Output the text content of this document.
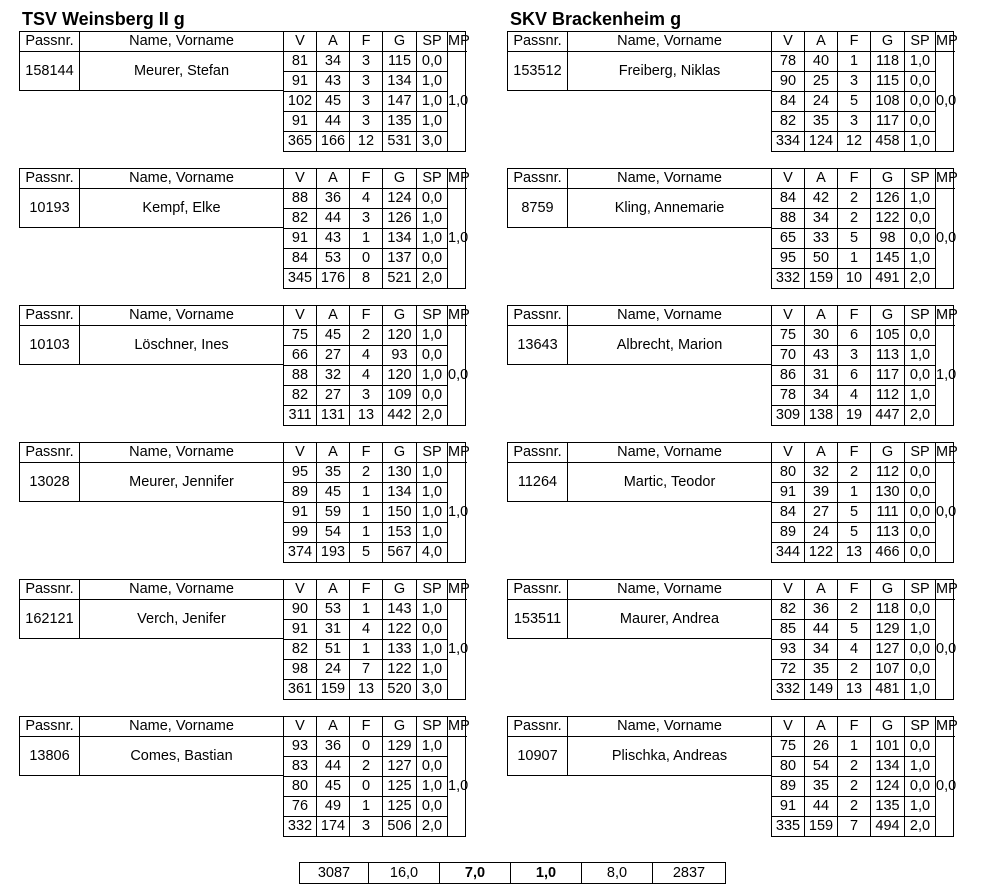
TSV Weinsberg II g	SKV Brackenheim g
Passnr.	Name, Vorname
158144	Meurer, Stefan
V	A	F	G	SP MP
81	34	3	115 0,0
91	43	3	134 1,0
102 45	3	147 1,0
91	44	3	135 1,0
365 166 12 531 3,0
1,0
Passnr.	Name, Vorname
10193	Kempf, Elke
V	A	F	G	SP MP
88	36	4	124 0,0
82	44	3	126 1,0
91	43	1	134 1,0
84	53	0	137 0,0
345 176	8	521 2,0
1,0
Passnr.	Name, Vorname
10103	Löschner, Ines
V	A	F	G	SP MP
75	45	2	120 1,0
66	27	4	93 0,0
88	32	4	120 1,0
82	27	3	109 0,0
311 131 13 442 2,0
0,0
Passnr.	Name, Vorname
13028	Meurer, Jennifer
V	A	F	G	SP MP
95	35	2	130 1,0
89	45	1	134 1,0
91	59	1	150 1,0
99	54	1	153 1,0
374 193	5	567 4,0
1,0
Passnr.	Name, Vorname
162121	Verch, Jenifer
V	A	F	G	SP MP
90	53	1	143 1,0
91	31	4	122 0,0
82	51	1	133 1,0
98	24	7	122 1,0
361 159 13 520 3,0
1,0
Passnr.	Name, Vorname
13806	Comes, Bastian
V	A	F	G	SP MP
93	36	0	129 1,0
83	44	2	127 0,0
80	45	0	125 1,0
76	49	1	125 0,0
332 174	3	506 2,0
1,0
Passnr.	Name, Vorname
153512	Freiberg, Niklas
V	A	F	G	SP MP
78	40	1	118 1,0
90	25	3	115 0,0
84	24	5	108 0,0
82	35	3	117 0,0
334 124 12 458 1,0
0,0
Passnr.	Name, Vorname
8759	Kling, Annemarie
V	A	F	G	SP MP
84	42	2	126 1,0
88	34	2	122 0,0
65	33	5	98 0,0
95	50	1	145 1,0
332 159 10 491 2,0
0,0
Passnr.	Name, Vorname
13643	Albrecht, Marion
V	A	F	G	SP MP
75	30	6	105 0,0
70	43	3	113 1,0
86	31	6	117 0,0
78	34	4	112 1,0
309 138 19 447 2,0
1,0
Passnr.	Name, Vorname
11264	Martic, Teodor
V	A	F	G	SP MP
80	32	2	112 0,0
91	39	1	130 0,0
84	27	5	111 0,0
89	24	5	113 0,0
344 122 13 466 0,0
0,0
Passnr.	Name, Vorname
153511	Maurer, Andrea
V	A	F	G	SP MP
82	36	2	118 0,0
85	44	5	129 1,0
93	34	4	127 0,0
72	35	2	107 0,0
332 149 13 481 1,0
0,0
Passnr.	Name, Vorname
10907	Plischka, Andreas
V	A	F	G	SP MP
75	26	1	101 0,0
80	54	2	134 1,0
89	35	2	124 0,0
91	44	2	135 1,0
335 159	7	494 2,0
0,0
3087	16,0	7,0	1,0	8,0	2837
